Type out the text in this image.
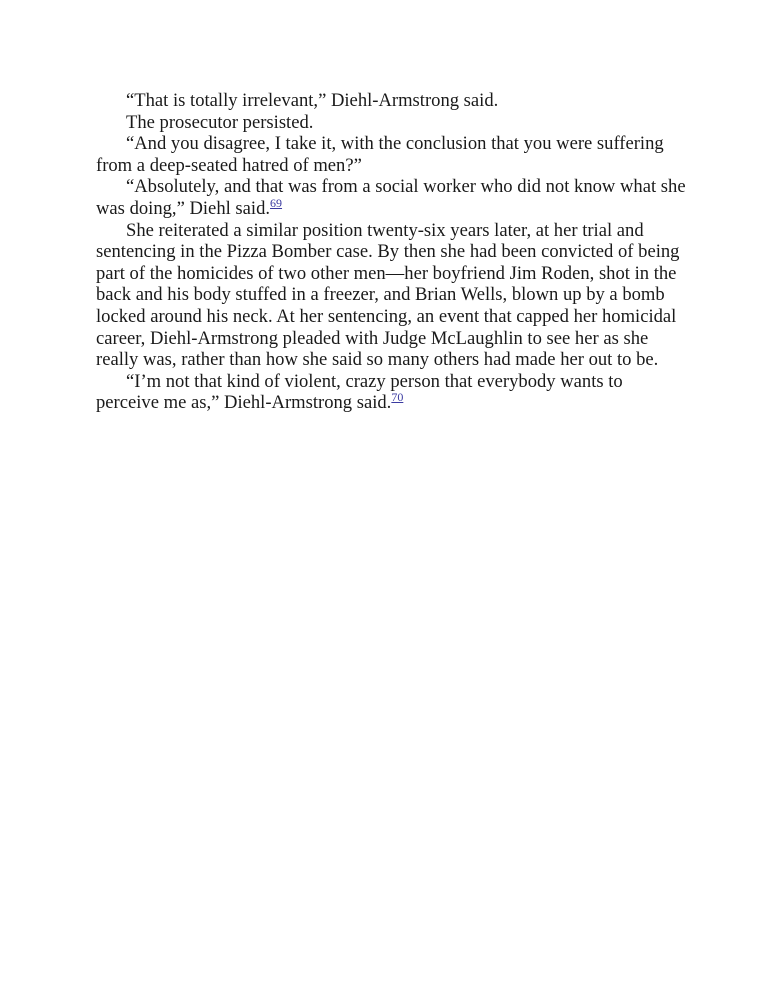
“That is totally irrelevant,” Diehl-Armstrong said.

The prosecutor persisted.

“And you disagree, I take it, with the conclusion that you were suffering from a deep-seated hatred of men?”

“Absolutely, and that was from a social worker who did not know what she was doing,” Diehl said.$^{69}$

She reiterated a similar position twenty-six years later, at her trial and sentencing in the Pizza Bomber case. By then she had been convicted of being part of the homicides of two other men—her boyfriend Jim Roden, shot in the back and his body stuffed in a freezer, and Brian Wells, blown up by a bomb locked around his neck. At her sentencing, an event that capped her homicidal career, Diehl-Armstrong pleaded with Judge McLaughlin to see her as she really was, rather than how she said so many others had made her out to be.

“I’m not that kind of violent, crazy person that everybody wants to perceive me as,” Diehl-Armstrong said.$^{70}$
